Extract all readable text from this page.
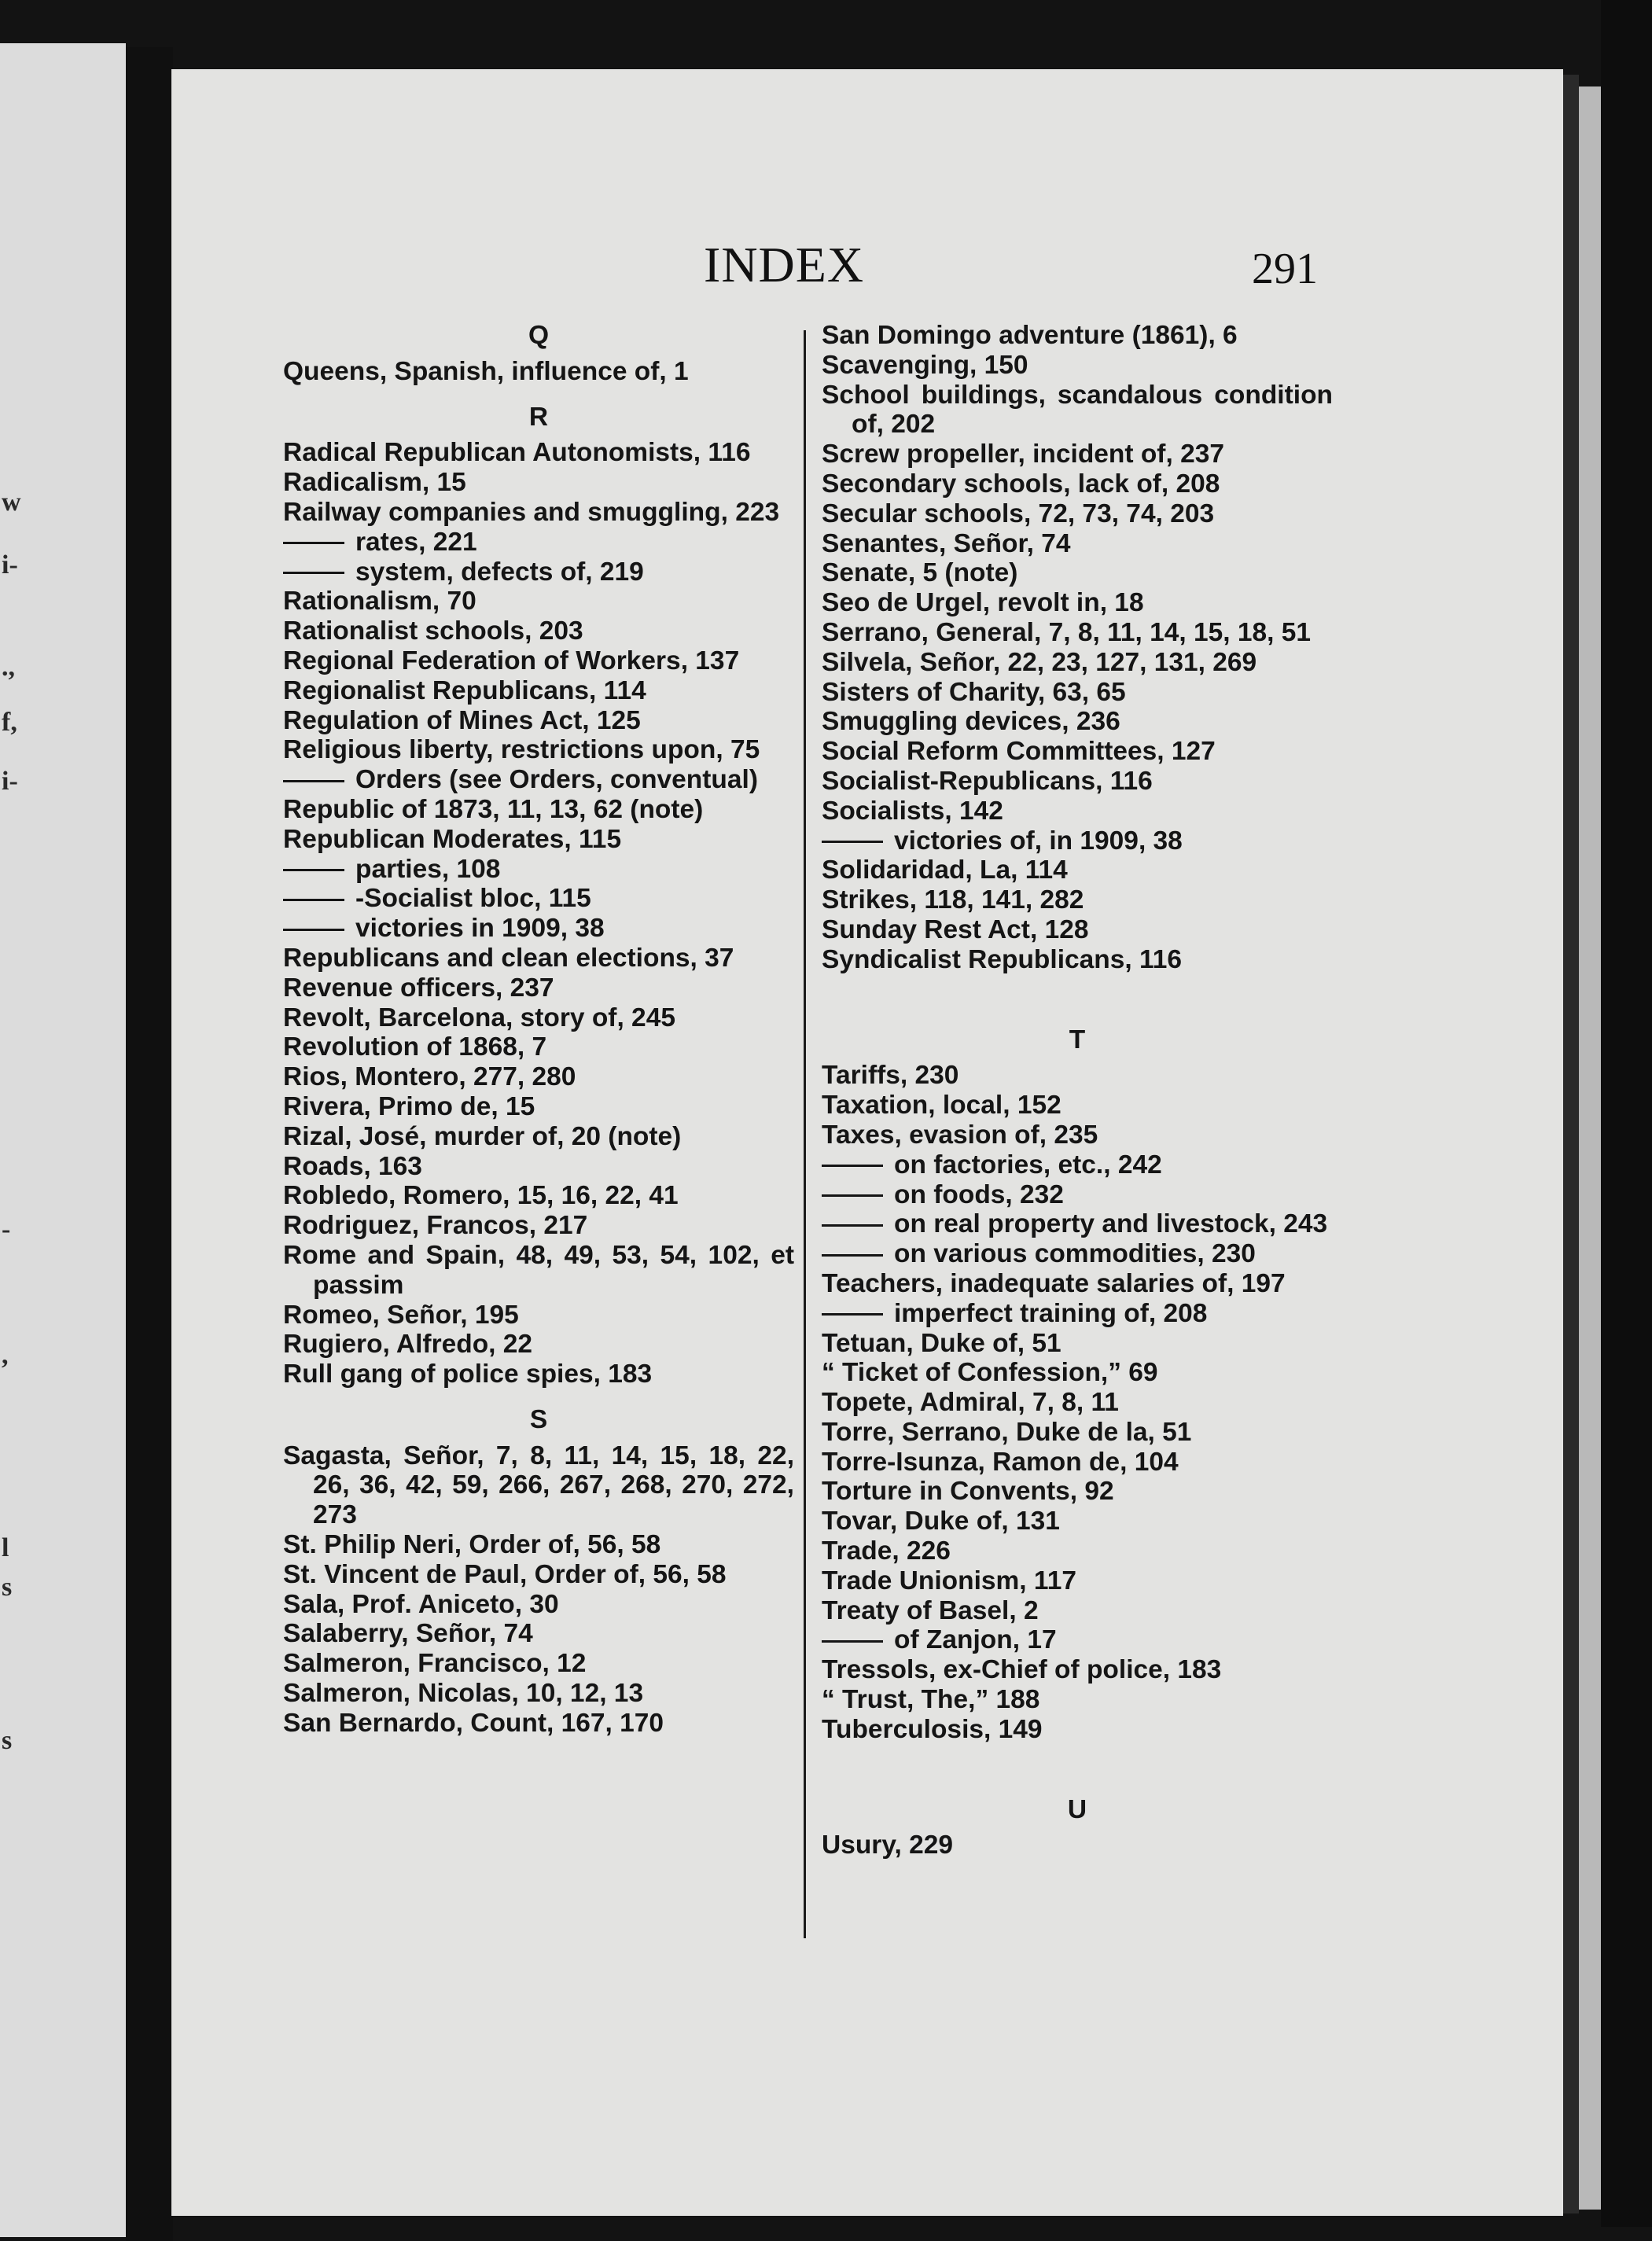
w
i-
.,
f,
i-
-
,
l
s
s
INDEX	291
Q
Queens, Spanish, influence of, 1
R
Radical Republican Autonomists, 116
Radicalism, 15
Railway companies and smuggling, 223
rates, 221
system, defects of, 219
Rationalism, 70
Rationalist schools, 203
Regional Federation of Workers, 137
Regionalist Republicans, 114
Regulation of Mines Act, 125
Religious liberty, restrictions upon, 75
Orders (see Orders, conventual)
Republic of 1873, 11, 13, 62 (note)
Republican Moderates, 115
parties, 108
-Socialist bloc, 115
victories in 1909, 38
Republicans and clean elections, 37
Revenue officers, 237
Revolt, Barcelona, story of, 245
Revolution of 1868, 7
Rios, Montero, 277, 280
Rivera, Primo de, 15
Rizal, José, murder of, 20 (note)
Roads, 163
Robledo, Romero, 15, 16, 22, 41
Rodriguez, Francos, 217
Rome and Spain, 48, 49, 53, 54, 102, et passim
Romeo, Señor, 195
Rugiero, Alfredo, 22
Rull gang of police spies, 183
S
Sagasta, Señor, 7, 8, 11, 14, 15, 18, 22, 26, 36, 42, 59, 266, 267, 268, 270, 272, 273
St. Philip Neri, Order of, 56, 58
St. Vincent de Paul, Order of, 56, 58
Sala, Prof. Aniceto, 30
Salaberry, Señor, 74
Salmeron, Francisco, 12
Salmeron, Nicolas, 10, 12, 13
San Bernardo, Count, 167, 170
San Domingo adventure (1861), 6
Scavenging, 150
School buildings, scandalous condition of, 202
Screw propeller, incident of, 237
Secondary schools, lack of, 208
Secular schools, 72, 73, 74, 203
Senantes, Señor, 74
Senate, 5 (note)
Seo de Urgel, revolt in, 18
Serrano, General, 7, 8, 11, 14, 15, 18, 51
Silvela, Señor, 22, 23, 127, 131, 269
Sisters of Charity, 63, 65
Smuggling devices, 236
Social Reform Committees, 127
Socialist-Republicans, 116
Socialists, 142
victories of, in 1909, 38
Solidaridad, La, 114
Strikes, 118, 141, 282
Sunday Rest Act, 128
Syndicalist Republicans, 116
T
Tariffs, 230
Taxation, local, 152
Taxes, evasion of, 235
on factories, etc., 242
on foods, 232
on real property and livestock, 243
on various commodities, 230
Teachers, inadequate salaries of, 197
imperfect training of, 208
Tetuan, Duke of, 51
“ Ticket of Confession,” 69
Topete, Admiral, 7, 8, 11
Torre, Serrano, Duke de la, 51
Torre-Isunza, Ramon de, 104
Torture in Convents, 92
Tovar, Duke of, 131
Trade, 226
Trade Unionism, 117
Treaty of Basel, 2
of Zanjon, 17
Tressols, ex-Chief of police, 183
“ Trust, The,” 188
Tuberculosis, 149
U
Usury, 229
